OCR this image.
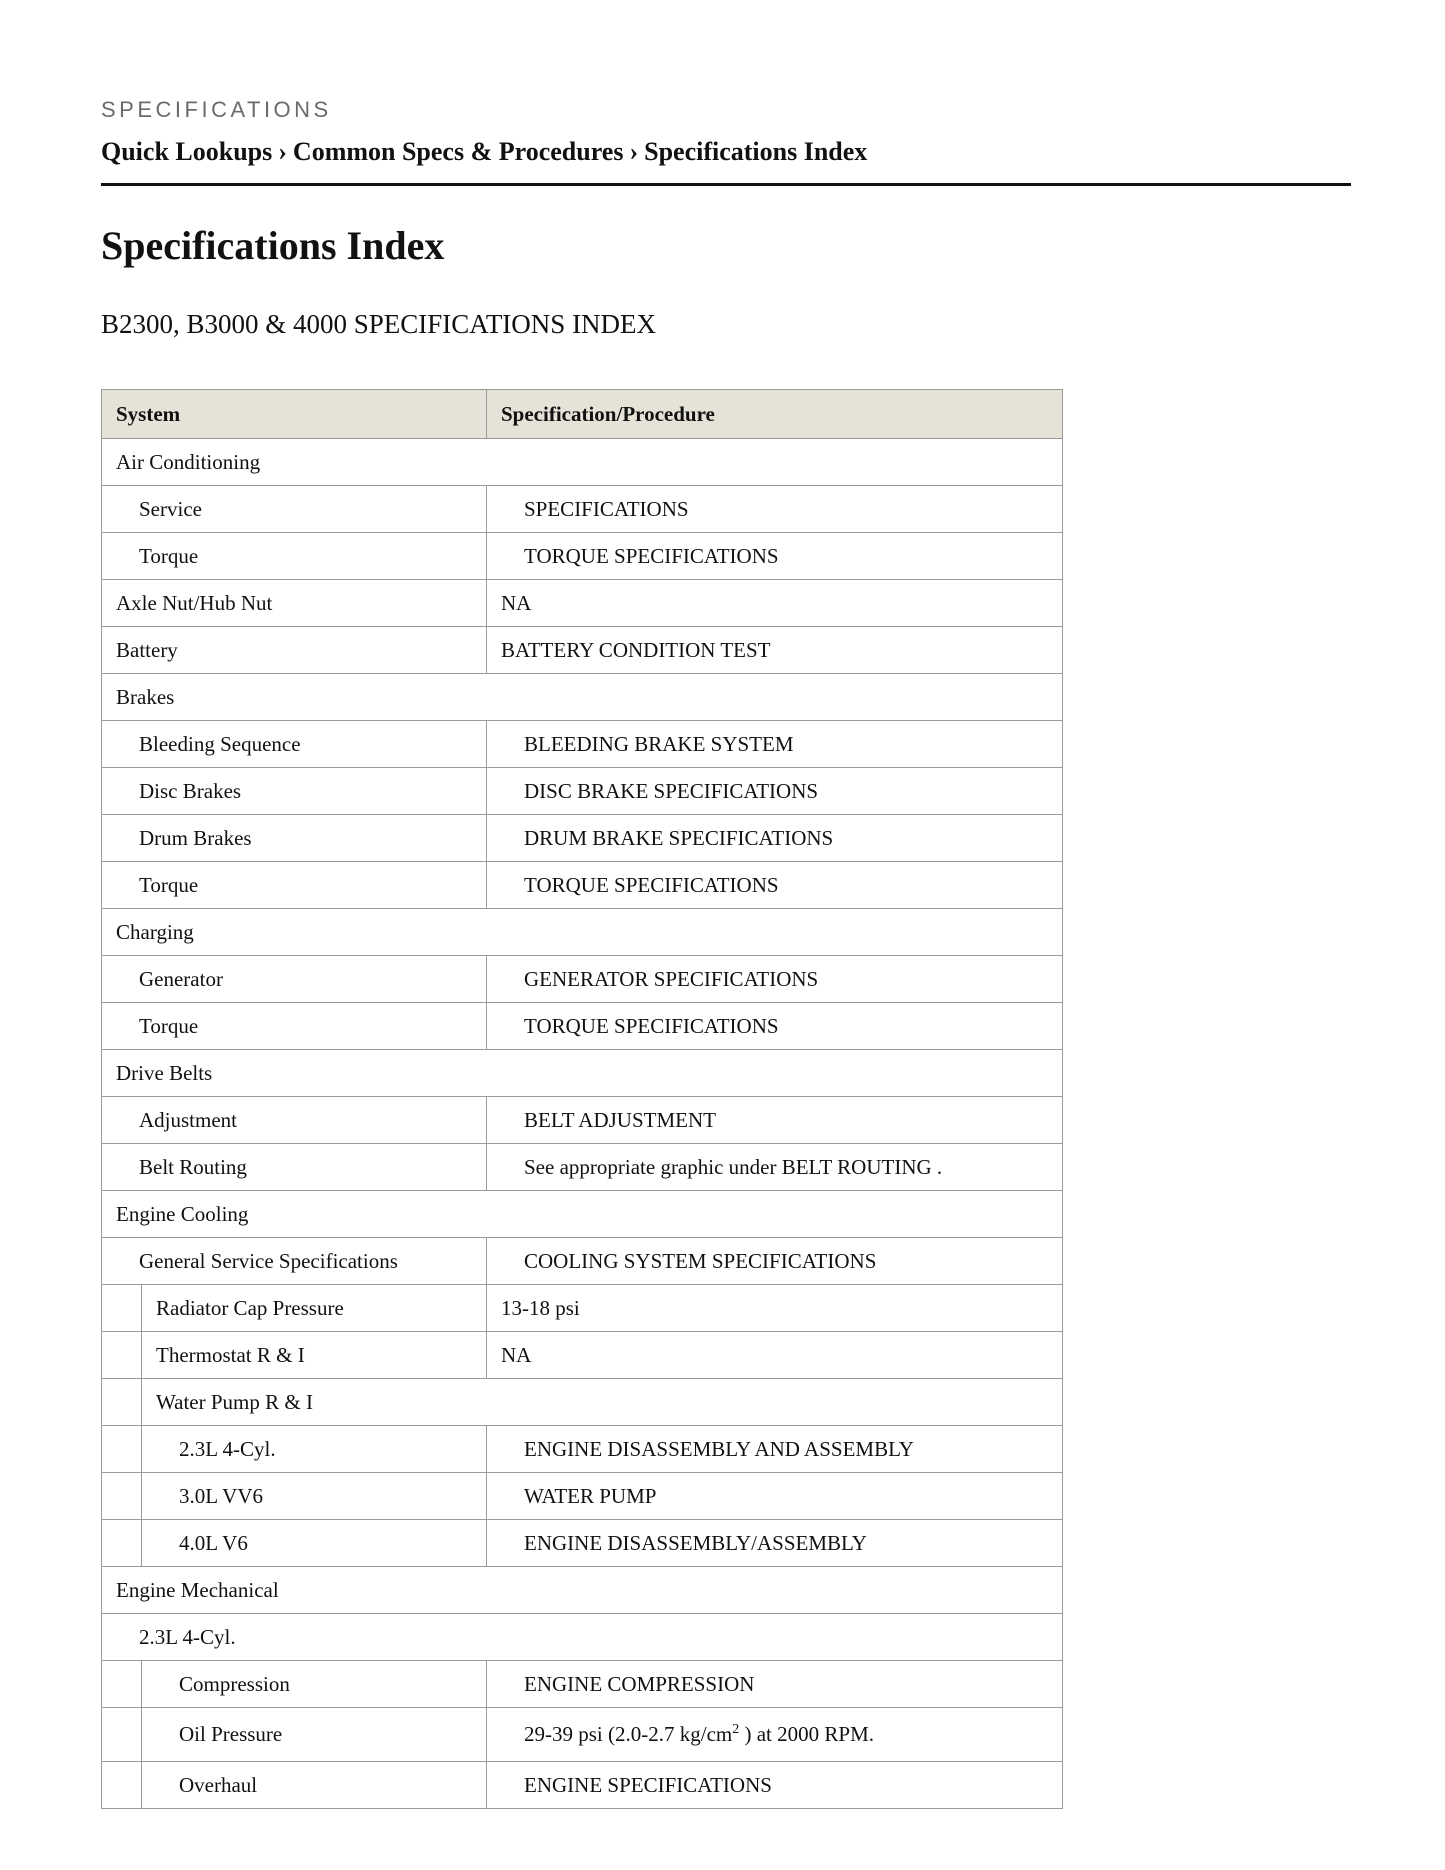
SPECIFICATIONS
Quick Lookups › Common Specs & Procedures › Specifications Index
Specifications Index
B2300, B3000 & 4000 SPECIFICATIONS INDEX
System		Specification/Procedure
Air Conditioning		
Service		SPECIFICATIONS
Torque		TORQUE SPECIFICATIONS
Axle Nut/Hub Nut		NA
Battery		BATTERY CONDITION TEST
Brakes		
Bleeding Sequence		BLEEDING BRAKE SYSTEM
Disc Brakes		DISC BRAKE SPECIFICATIONS
Drum Brakes		DRUM BRAKE SPECIFICATIONS
Torque		TORQUE SPECIFICATIONS
Charging		
Generator		GENERATOR SPECIFICATIONS
Torque		TORQUE SPECIFICATIONS
Drive Belts		
Adjustment		BELT ADJUSTMENT
Belt Routing		See appropriate graphic under BELT ROUTING .
Engine Cooling		
General Service Specifications		COOLING SYSTEM SPECIFICATIONS
	Radiator Cap Pressure	13-18 psi
	Thermostat R & I	NA
	Water Pump R & I	
	2.3L 4-Cyl.	ENGINE DISASSEMBLY AND ASSEMBLY
	3.0L VV6	WATER PUMP
	4.0L V6	ENGINE DISASSEMBLY/ASSEMBLY
Engine Mechanical		
2.3L 4-Cyl.		
	Compression	ENGINE COMPRESSION
	Oil Pressure	29-39 psi (2.0-2.7 $kg/cm^2$ ) at 2000 RPM.
	Overhaul	ENGINE SPECIFICATIONS
